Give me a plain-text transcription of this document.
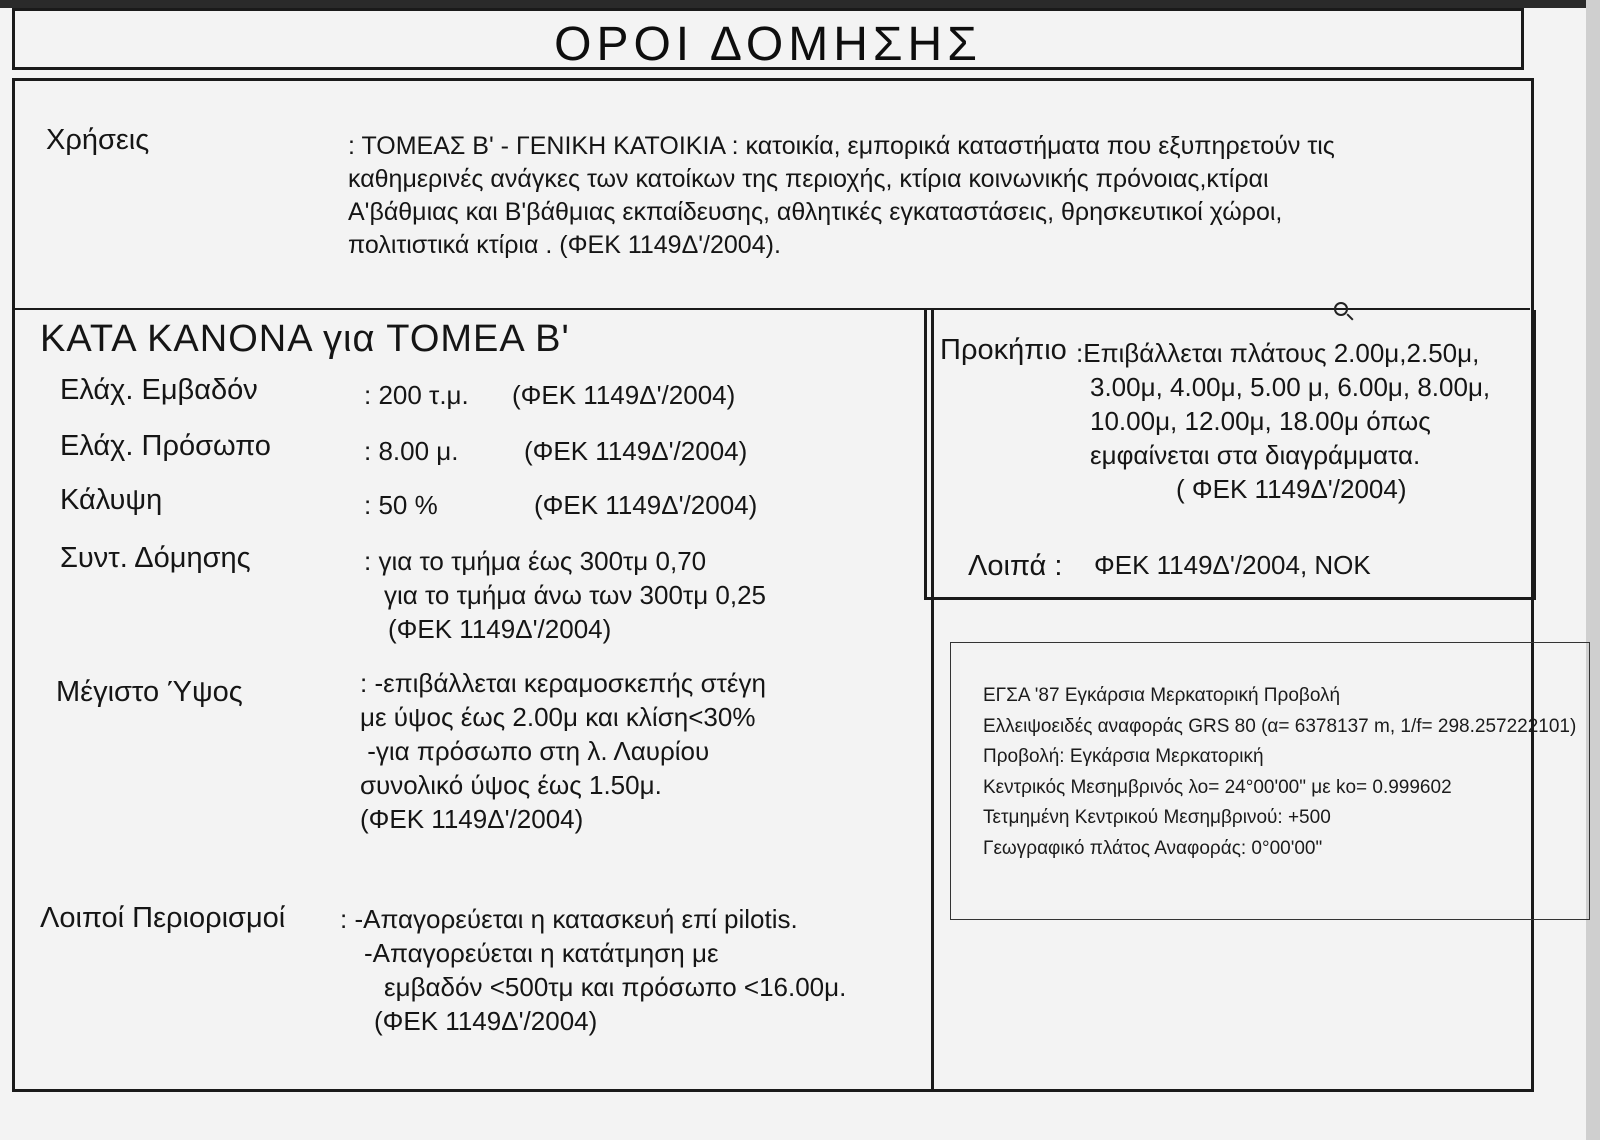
ΟΡΟΙ ΔΟΜΗΣΗΣ
Χρήσεις	: ΤΟΜΕΑΣ Β' - ΓΕΝΙΚΗ ΚΑΤΟΙΚΙΑ : κατοικία, εμπορικά καταστήματα που εξυπηρετούν τις
καθημερινές ανάγκες των κατοίκων της περιοχής, κτίρια κοινωνικής πρόνοιας,κτίραι
Α'βάθμιας και Β'βάθμιας εκπαίδευσης, αθλητικές εγκαταστάσεις, θρησκευτικοί χώροι,
πολιτιστικά κτίρια . (ΦΕΚ 1149Δ'/2004).
ΚΑΤΑ ΚΑΝΟΝΑ για ΤΟΜΕΑ Β'
Ελάχ. Εμβαδόν	: 200 τ.μ. (ΦΕΚ 1149Δ'/2004)
Ελάχ. Πρόσωπο	: 8.00 μ.	(ΦΕΚ 1149Δ'/2004)
Κάλυψη	: 50 %	(ΦΕΚ 1149Δ'/2004)
Συντ. Δόμησης	: για το τμήμα έως 300τμ 0,70
για το τμήμα άνω των 300τμ 0,25
(ΦΕΚ 1149Δ'/2004)
Μέγιστο Ύψος	: -επιβάλλεται κεραμοσκεπής στέγη
με ύψος έως 2.00μ και κλίση<30%
-για πρόσωπο στη λ. Λαυρίου
συνολικό ύψος έως 1.50μ.
(ΦΕΚ 1149Δ'/2004)
Λοιποί Περιορισμοί : -Απαγορεύεται η κατασκευή επί pilotis.
-Απαγορεύεται η κατάτμηση με
εμβαδόν <500τμ και πρόσωπο <16.00μ.
(ΦΕΚ 1149Δ'/2004)
Προκήπιο :Επιβάλλεται πλάτους 2.00μ,2.50μ,
3.00μ, 4.00μ, 5.00 μ, 6.00μ, 8.00μ,
10.00μ, 12.00μ, 18.00μ όπως
εμφαίνεται στα διαγράμματα.
( ΦΕΚ 1149Δ'/2004)
Λοιπά : ΦΕΚ 1149Δ'/2004, ΝΟΚ
ΕΓΣΑ '87 Εγκάρσια Μερκατορική Προβολή
Ελλειψοειδές αναφοράς GRS 80 (α= 6378137 m, 1/f= 298.257222101)
Προβολή: Εγκάρσια Μερκατορική
Κεντρικός Μεσημβρινός λο= 24°00'00" με ko= 0.999602
Τετμημένη Κεντρικού Μεσημβρινού: +500
Γεωγραφικό πλάτος Αναφοράς: 0°00'00"
